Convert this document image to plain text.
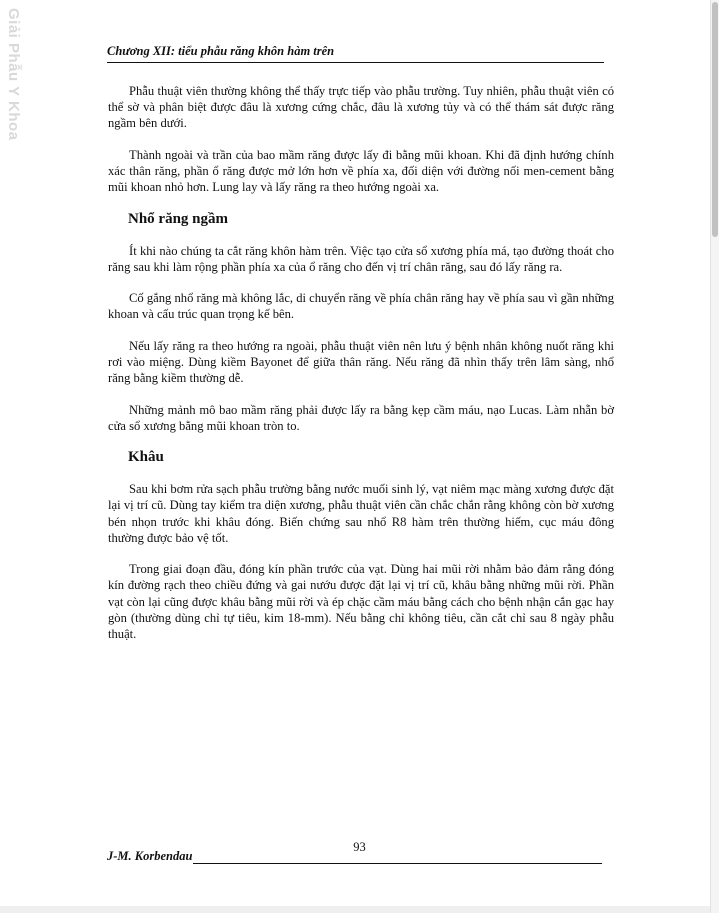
Giải Phẫu Y Khoa	Chương XII: tiểu phẫu răng khôn hàm trên

Phẫu thuật viên thường không thể thấy trực tiếp vào phẫu trường. Tuy nhiên, phẫu thuật viên có thể sờ và phân biệt được đâu là xương cứng chắc, đâu là xương tủy và có thể thám sát được răng ngầm bên dưới.

Thành ngoài và trần của bao mầm răng được lấy đi bằng mũi khoan. Khi đã định hướng chính xác thân răng, phần ổ răng được mở lớn hơn về phía xa, đối diện với đường nối men-cement bằng mũi khoan nhỏ hơn. Lung lay và lấy răng ra theo hướng ngoài xa.

Nhổ răng ngầm

Ít khi nào chúng ta cắt răng khôn hàm trên. Việc tạo cửa sổ xương phía má, tạo đường thoát cho răng sau khi làm rộng phần phía xa của ổ răng cho đến vị trí chân răng, sau đó lấy răng ra.

Cố gắng nhổ răng mà không lắc, di chuyển răng về phía chân răng hay về phía sau vì gần những khoan và cấu trúc quan trọng kế bên.

Nếu lấy răng ra theo hướng ra ngoài, phẫu thuật viên nên lưu ý bệnh nhân không nuốt răng khi rơi vào miệng. Dùng kiềm Bayonet để giữa thân răng. Nếu răng đã nhìn thấy trên lâm sàng, nhổ răng bằng kiềm thường dễ.

Những mảnh mô bao mầm răng phải được lấy ra bằng kẹp cầm máu, nạo Lucas. Làm nhẵn bờ cửa sổ xương bằng mũi khoan tròn to.

Khâu

Sau khi bơm rửa sạch phẫu trường bằng nước muối sinh lý, vạt niêm mạc màng xương được đặt lại vị trí cũ. Dùng tay kiểm tra diện xương, phẫu thuật viên cần chắc chắn rằng không còn bờ xương bén nhọn trước khi khâu đóng. Biến chứng sau nhổ R8 hàm trên thường hiếm, cục máu đông thường được bảo vệ tốt.

Trong giai đoạn đầu, đóng kín phần trước của vạt. Dùng hai mũi rời nhằm bảo đảm rằng đóng kín đường rạch theo chiều đứng và gai nướu được đặt lại vị trí cũ, khâu bằng những mũi rời. Phần vạt còn lại cũng được khâu bằng mũi rời và ép chặc cầm máu bằng cách cho bệnh nhận cắn gạc hay gòn (thường dùng chỉ tự tiêu, kim 18-mm). Nếu bằng chỉ không tiêu, cần cắt chỉ sau 8 ngày phẫu thuật.

93
J-M. Korbendau
